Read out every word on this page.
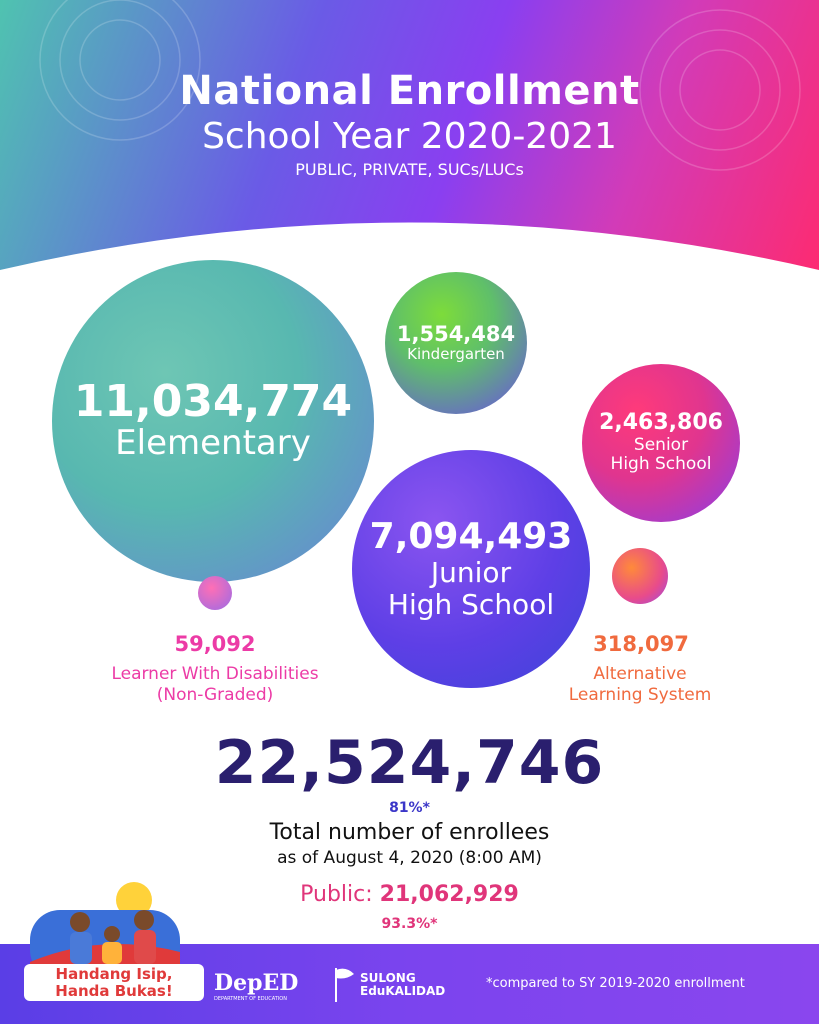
National Enrollment
School Year 2020-2021
PUBLIC, PRIVATE, SUCs/LUCs
11,034,774
Elementary
1,554,484
Kindergarten
2,463,806
Senior
High School
7,094,493
Junior
High School
59,092
Learner With Disabilities
(Non-Graded)
318,097
Alternative
Learning System
22,524,746
81%*
Total number of enrollees
as of August 4, 2020 (8:00 AM)
Public: 21,062,929
93.3%*
Handang Isip,
Handa Bukas!	DepED
DEPARTMENT OF EDUCATION
SULONG
EduKALIDAD
*compared to SY 2019-2020 enrollment
